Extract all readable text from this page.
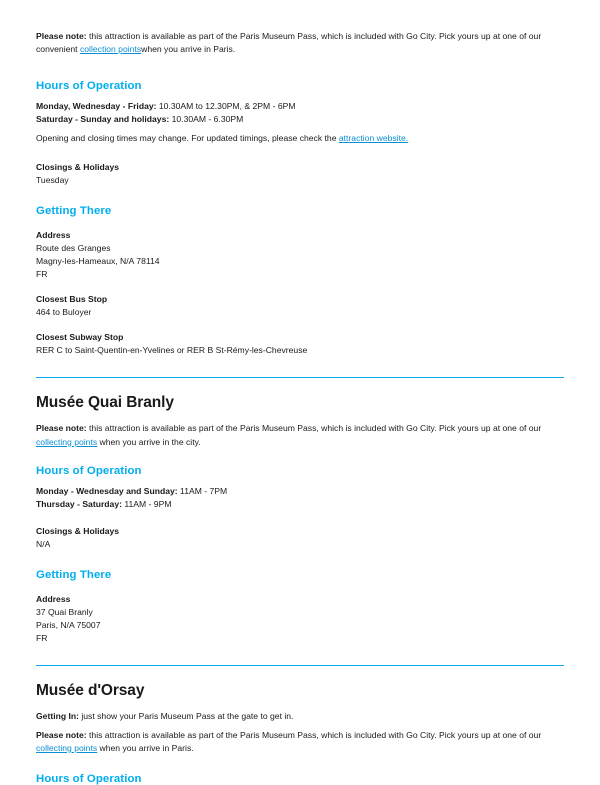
Please note: this attraction is available as part of the Paris Museum Pass, which is included with Go City. Pick yours up at one of our convenient collection pointswhen you arrive in Paris.

Hours of Operation

Monday, Wednesday - Friday: 10.30AM to 12.30PM, & 2PM - 6PM

Saturday - Sunday and holidays: 10.30AM - 6.30PM

Opening and closing times may change. For updated timings, please check the attraction website.

Closings & Holidays

Tuesday

Getting There

Address

Route des Granges

Magny-les-Hameaux, N/A 78114

FR

Closest Bus Stop

464 to Buloyer

Closest Subway Stop

RER C to Saint-Quentin-en-Yvelines or RER B St-Rémy-les-Chevreuse

Musée Quai Branly

Please note: this attraction is available as part of the Paris Museum Pass, which is included with Go City. Pick yours up at one of our collecting points when you arrive in the city.

Hours of Operation

Monday - Wednesday and Sunday: 11AM - 7PM

Thursday - Saturday: 11AM - 9PM

Closings & Holidays

N/A

Getting There

Address

37 Quai Branly

Paris, N/A 75007

FR

Musée d'Orsay

Getting In: just show your Paris Museum Pass at the gate to get in.

Please note: this attraction is available as part of the Paris Museum Pass, which is included with Go City. Pick yours up at one of our collecting points when you arrive in Paris.

Hours of Operation
